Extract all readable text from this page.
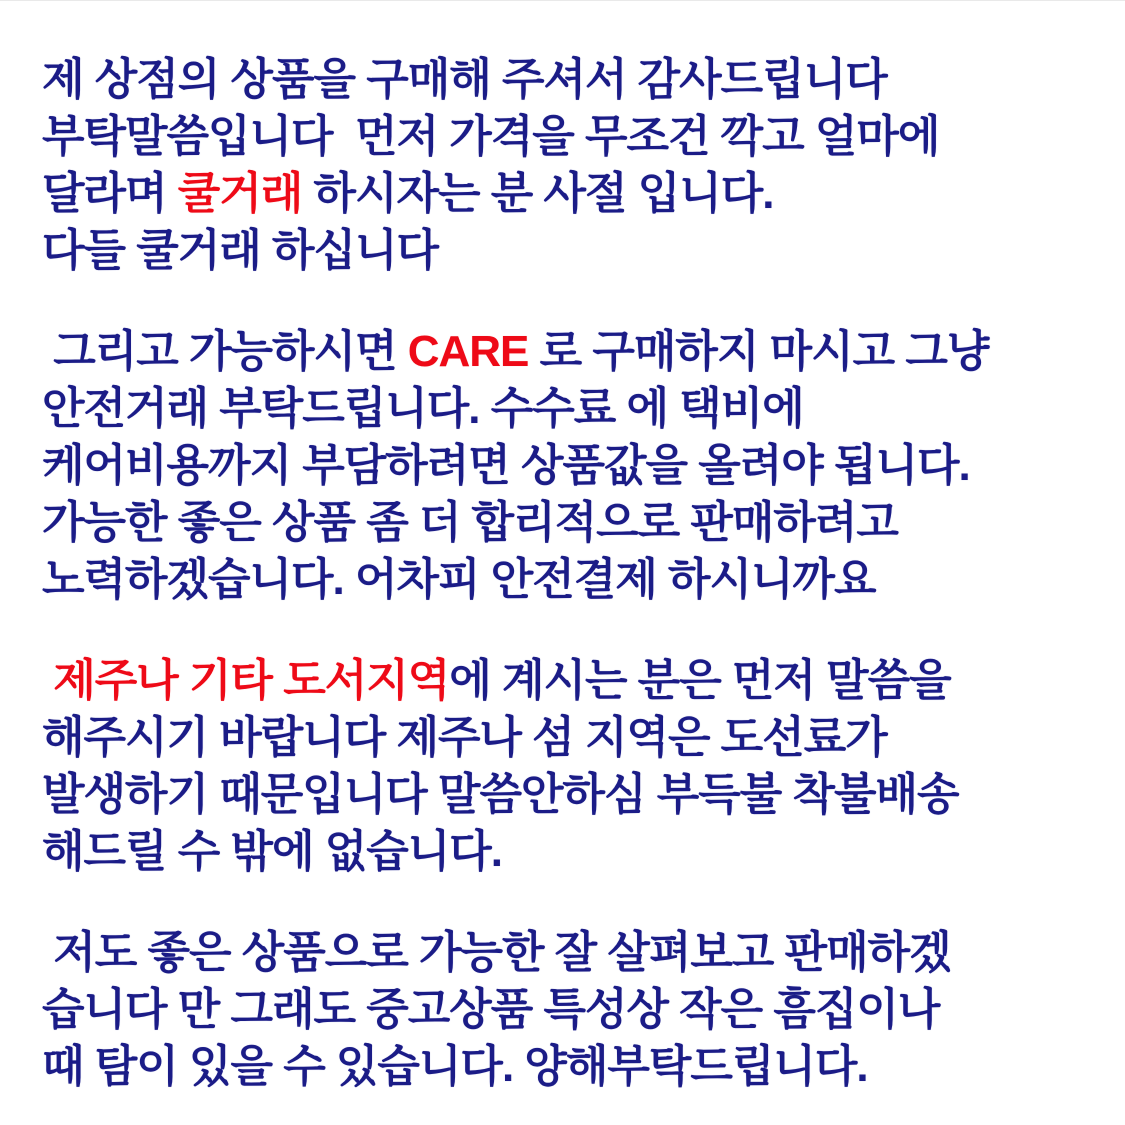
제 상점의 상품을 구매해 주셔서 감사드립니다
부탁말씀입니다  먼저 가격을 무조건 깍고 얼마에
달라며 쿨거래 하시자는 분 사절 입니다.
다들 쿨거래 하십니다
그리고 가능하시면 CARE 로 구매하지 마시고 그냥
안전거래 부탁드립니다. 수수료 에 택비에
케어비용까지 부담하려면 상품값을 올려야 됩니다.
가능한 좋은 상품 좀 더 합리적으로 판매하려고
노력하겠습니다. 어차피 안전결제 하시니까요
제주나 기타 도서지역에 계시는 분은 먼저 말씀을
해주시기 바랍니다 제주나 섬 지역은 도선료가
발생하기 때문입니다 말씀안하심 부득불 착불배송
해드릴 수 밖에 없습니다.
저도 좋은 상품으로 가능한 잘 살펴보고 판매하겠
습니다 만 그래도 중고상품 특성상 작은 흠집이나
때 탐이 있을 수 있습니다. 양해부탁드립니다.
